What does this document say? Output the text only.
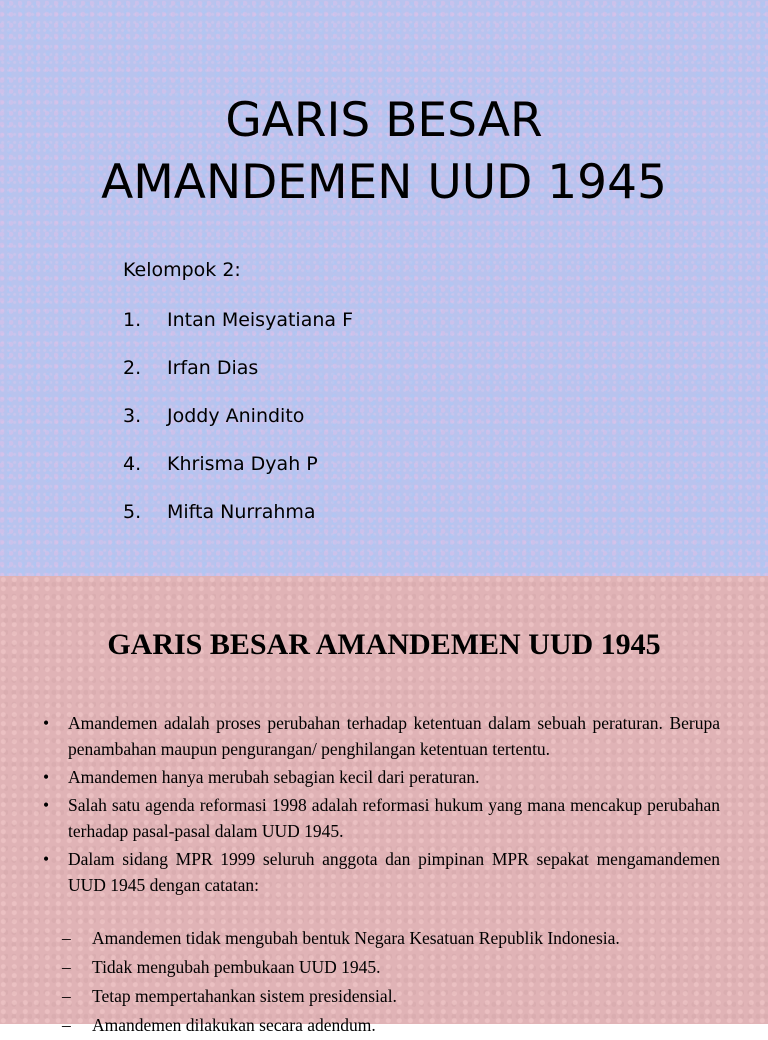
GARIS BESAR
AMANDEMEN UUD 1945
Kelompok 2:
1. Intan Meisyatiana F
2. Irfan Dias
3. Joddy Anindito
4. Khrisma Dyah P
5. Mifta Nurrahma
GARIS BESAR AMANDEMEN UUD 1945
• Amandemen adalah proses perubahan terhadap ketentuan dalam sebuah peraturan. Berupa penambahan maupun pengurangan/ penghilangan ketentuan tertentu.
• Amandemen hanya merubah sebagian kecil dari peraturan.
• Salah satu agenda reformasi 1998 adalah reformasi hukum yang mana mencakup perubahan terhadap pasal-pasal dalam UUD 1945.
• Dalam sidang MPR 1999 seluruh anggota dan pimpinan MPR sepakat mengamandemen UUD 1945 dengan catatan:
– Amandemen tidak mengubah bentuk Negara Kesatuan Republik Indonesia.
– Tidak mengubah pembukaan UUD 1945.
– Tetap mempertahankan sistem presidensial.
– Amandemen dilakukan secara adendum.
